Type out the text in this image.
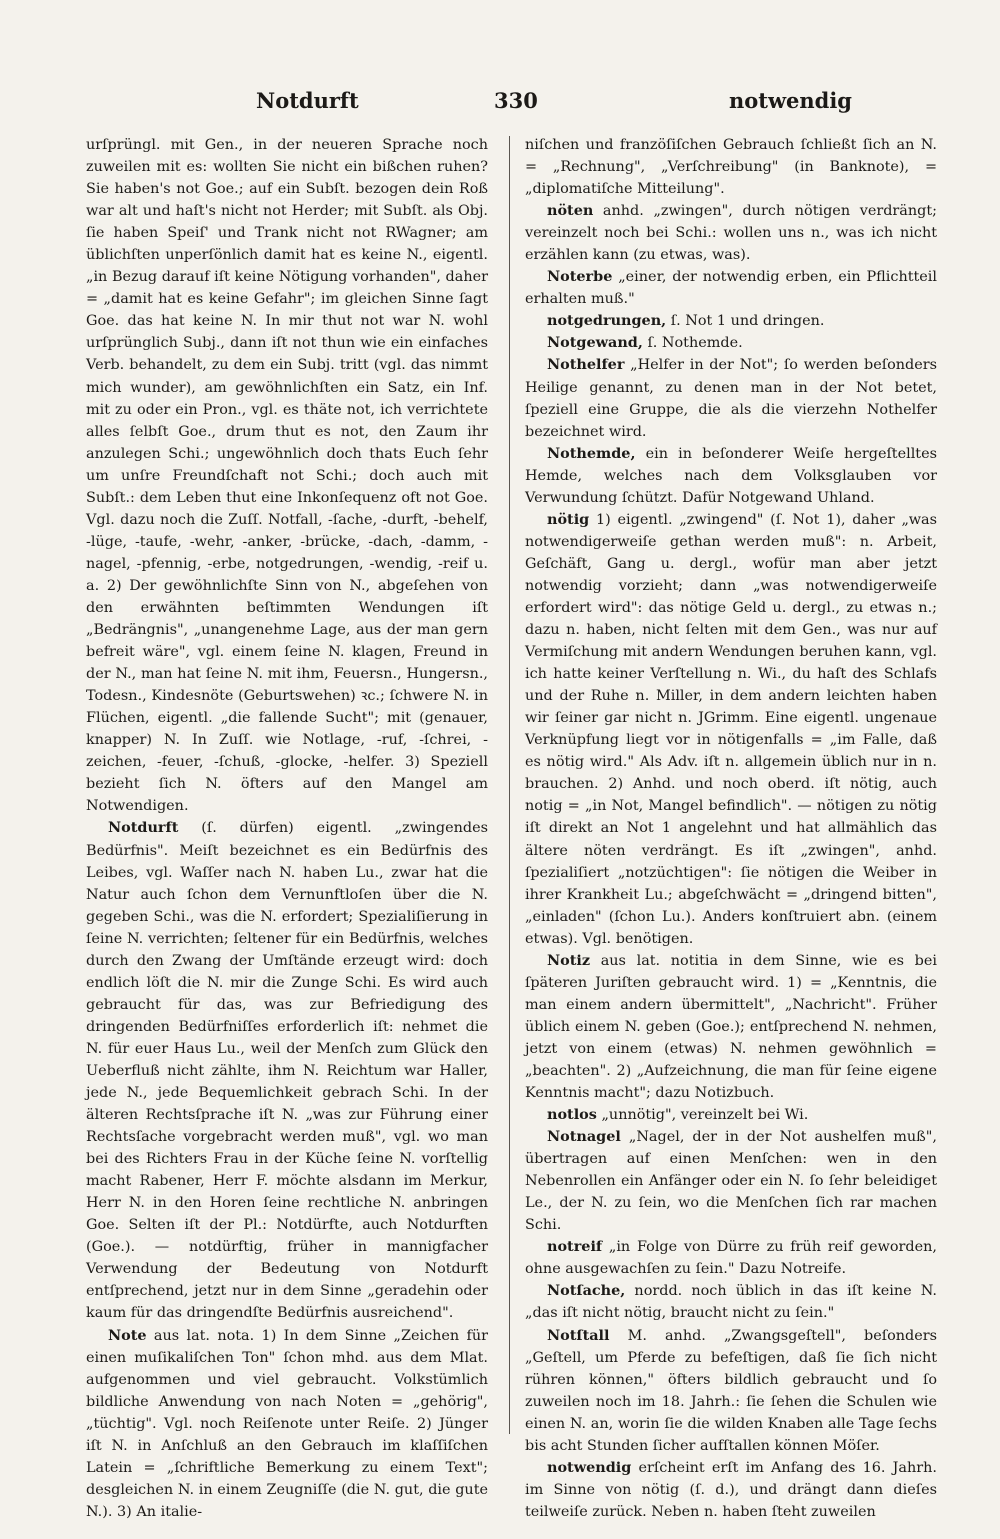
Notdurft	330	notwendig

urſprüngl. mit Gen., in der neueren Sprache noch zuweilen mit es: wollten Sie nicht ein bißchen ruhen? Sie haben's not Goe.; auf ein Subſt. bezogen dein Roß war alt und haſt's nicht not Herder; mit Subſt. als Obj. ſie haben Speiſ' und Trank nicht not RWagner; am üblichſten unperſönlich damit hat es keine N., eigentl. „in Bezug darauf iſt keine Nötigung vorhanden", daher = „damit hat es keine Gefahr"; im gleichen Sinne ſagt Goe. das hat keine N. In mir thut not war N. wohl urſprünglich Subj., dann iſt not thun wie ein einfaches Verb. behandelt, zu dem ein Subj. tritt (vgl. das nimmt mich wunder), am gewöhnlichſten ein Satz, ein Inf. mit zu oder ein Pron., vgl. es thäte not, ich verrichtete alles ſelbſt Goe., drum thut es not, den Zaum ihr anzulegen Schi.; ungewöhnlich doch thats Euch ſehr um unſre Freundſchaft not Schi.; doch auch mit Subſt.: dem Leben thut eine Inkonſequenz oft not Goe. Vgl. dazu noch die Zuſſ. Notfall, -ſache, -durft, -behelf, -lüge, -taufe, -wehr, -anker, -brücke, -dach, -damm, -nagel, -pfennig, -erbe, notgedrungen, -wendig, -reif u. a. 2) Der gewöhnlichſte Sinn von N., abgeſehen von den erwähnten beſtimmten Wendungen iſt „Bedrängnis", „unangenehme Lage, aus der man gern befreit wäre", vgl. einem ſeine N. klagen, Freund in der N., man hat ſeine N. mit ihm, Feuersn., Hungersn., Todesn., Kindesnöte (Geburtswehen) ꝛc.; ſchwere N. in Flüchen, eigentl. „die fallende Sucht"; mit (genauer, knapper) N. In Zuſſ. wie Notlage, -ruf, -ſchrei, -zeichen, -feuer, -ſchuß, -glocke, -helfer. 3) Speziell bezieht ſich N. öfters auf den Mangel am Notwendigen.

Notdurft (ſ. dürfen) eigentl. „zwingendes Bedürfnis". Meiſt bezeichnet es ein Bedürfnis des Leibes, vgl. Waſſer nach N. haben Lu., zwar hat die Natur auch ſchon dem Vernunftloſen über die N. gegeben Schi., was die N. erfordert; Spezialiſierung in ſeine N. verrichten; ſeltener für ein Bedürfnis, welches durch den Zwang der Umſtände erzeugt wird: doch endlich löſt die N. mir die Zunge Schi. Es wird auch gebraucht für das, was zur Befriedigung des dringenden Bedürfniſſes erforderlich iſt: nehmet die N. für euer Haus Lu., weil der Menſch zum Glück den Ueberfluß nicht zählte, ihm N. Reichtum war Haller, jede N., jede Bequemlichkeit gebrach Schi. In der älteren Rechtsſprache iſt N. „was zur Führung einer Rechtsſache vorgebracht werden muß", vgl. wo man bei des Richters Frau in der Küche ſeine N. vorſtellig macht Rabener, Herr F. möchte alsdann im Merkur, Herr N. in den Horen ſeine rechtliche N. anbringen Goe. Selten iſt der Pl.: Notdürfte, auch Notdurften (Goe.). — notdürftig, früher in mannigfacher Verwendung der Bedeutung von Notdurft entſprechend, jetzt nur in dem Sinne „geradehin oder kaum für das dringendſte Bedürfnis ausreichend".

Note aus lat. nota. 1) In dem Sinne „Zeichen für einen muſikaliſchen Ton" ſchon mhd. aus dem Mlat. aufgenommen und viel gebraucht. Volkstümlich bildliche Anwendung von nach Noten = „gehörig", „tüchtig". Vgl. noch Reiſenote unter Reiſe. 2) Jünger iſt N. in Anſchluß an den Gebrauch im klaſſiſchen Latein = „ſchriftliche Bemerkung zu einem Text"; desgleichen N. in einem Zeugniſſe (die N. gut, die gute N.). 3) An italie-

niſchen und franzöſiſchen Gebrauch ſchließt ſich an N. = „Rechnung", „Verſchreibung" (in Banknote), = „diplomatiſche Mitteilung".

nöten anhd. „zwingen", durch nötigen verdrängt; vereinzelt noch bei Schi.: wollen uns n., was ich nicht erzählen kann (zu etwas, was).

Noterbe „einer, der notwendig erben, ein Pflichtteil erhalten muß."

notgedrungen, ſ. Not 1 und dringen.

Notgewand, ſ. Nothemde.

Nothelfer „Helfer in der Not"; ſo werden beſonders Heilige genannt, zu denen man in der Not betet, ſpeziell eine Gruppe, die als die vierzehn Nothelfer bezeichnet wird.

Nothemde, ein in beſonderer Weiſe hergeſtelltes Hemde, welches nach dem Volksglauben vor Verwundung ſchützt. Dafür Notgewand Uhland.

nötig 1) eigentl. „zwingend" (ſ. Not 1), daher „was notwendigerweiſe gethan werden muß": n. Arbeit, Geſchäft, Gang u. dergl., wofür man aber jetzt notwendig vorzieht; dann „was notwendigerweiſe erfordert wird": das nötige Geld u. dergl., zu etwas n.; dazu n. haben, nicht ſelten mit dem Gen., was nur auf Vermiſchung mit andern Wendungen beruhen kann, vgl. ich hatte keiner Verſtellung n. Wi., du haſt des Schlafs und der Ruhe n. Miller, in dem andern leichten haben wir ſeiner gar nicht n. JGrimm. Eine eigentl. ungenaue Verknüpfung liegt vor in nötigenfalls = „im Falle, daß es nötig wird." Als Adv. iſt n. allgemein üblich nur in n. brauchen. 2) Anhd. und noch oberd. iſt nötig, auch notig = „in Not, Mangel befindlich". — nötigen zu nötig iſt direkt an Not 1 angelehnt und hat allmählich das ältere nöten verdrängt. Es iſt „zwingen", anhd. ſpezialiſiert „notzüchtigen": ſie nötigen die Weiber in ihrer Krankheit Lu.; abgeſchwächt = „dringend bitten", „einladen" (ſchon Lu.). Anders konſtruiert abn. (einem etwas). Vgl. benötigen.

Notiz aus lat. notitia in dem Sinne, wie es bei ſpäteren Juriſten gebraucht wird. 1) = „Kenntnis, die man einem andern übermittelt", „Nachricht". Früher üblich einem N. geben (Goe.); entſprechend N. nehmen, jetzt von einem (etwas) N. nehmen gewöhnlich = „beachten". 2) „Aufzeichnung, die man für ſeine eigene Kenntnis macht"; dazu Notizbuch.

notlos „unnötig", vereinzelt bei Wi.

Notnagel „Nagel, der in der Not aushelfen muß", übertragen auf einen Menſchen: wen in den Nebenrollen ein Anfänger oder ein N. ſo ſehr beleidiget Le., der N. zu ſein, wo die Menſchen ſich rar machen Schi.

notreif „in Folge von Dürre zu früh reif geworden, ohne ausgewachſen zu ſein." Dazu Notreife.

Notſache, nordd. noch üblich in das iſt keine N. „das iſt nicht nötig, braucht nicht zu ſein."

Notſtall M. anhd. „Zwangsgeſtell", beſonders „Geſtell, um Pferde zu befeſtigen, daß ſie ſich nicht rühren können," öfters bildlich gebraucht und ſo zuweilen noch im 18. Jahrh.: ſie ſehen die Schulen wie einen N. an, worin ſie die wilden Knaben alle Tage ſechs bis acht Stunden ſicher aufſtallen können Möſer.

notwendig erſcheint erſt im Anfang des 16. Jahrh. im Sinne von nötig (ſ. d.), und drängt dann dieſes teilweiſe zurück. Neben n. haben ſteht zuweilen
